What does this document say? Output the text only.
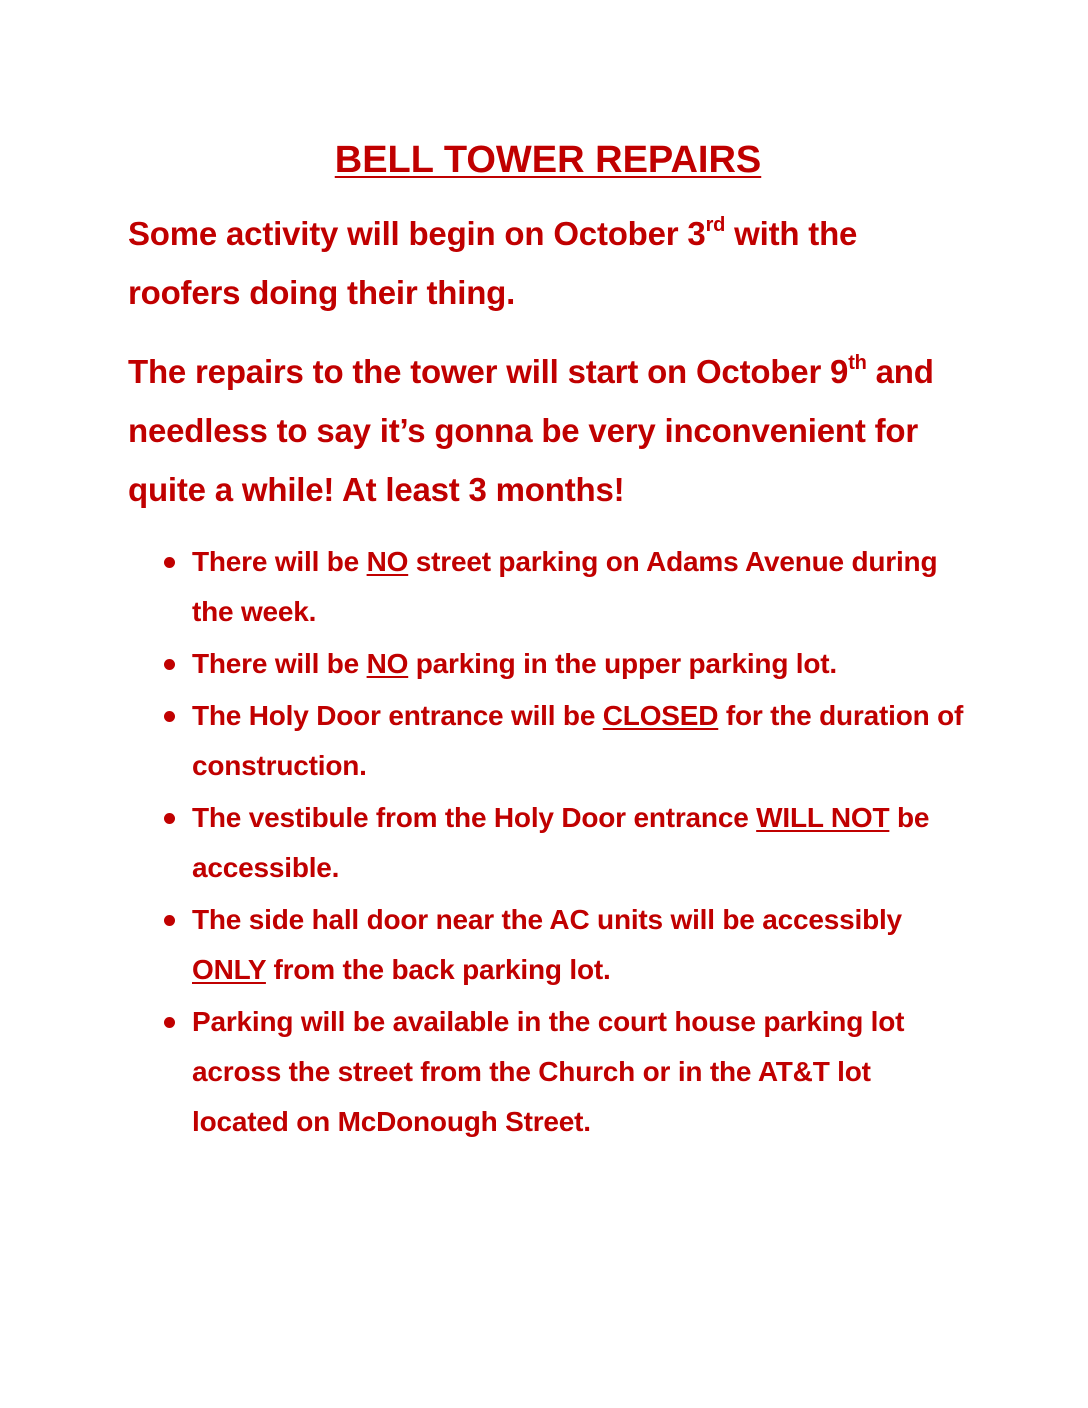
BELL TOWER REPAIRS

Some activity will begin on October 3rd with the roofers doing their thing.

The repairs to the tower will start on October 9th and needless to say it’s gonna be very inconvenient for quite a while! At least 3 months!

There will be NO street parking on Adams Avenue during the week.
There will be NO parking in the upper parking lot.
The Holy Door entrance will be CLOSED for the duration of construction.
The vestibule from the Holy Door entrance WILL NOT be accessible.
The side hall door near the AC units will be accessibly ONLY from the back parking lot.
Parking will be available in the court house parking lot across the street from the Church or in the AT&T lot located on McDonough Street.
